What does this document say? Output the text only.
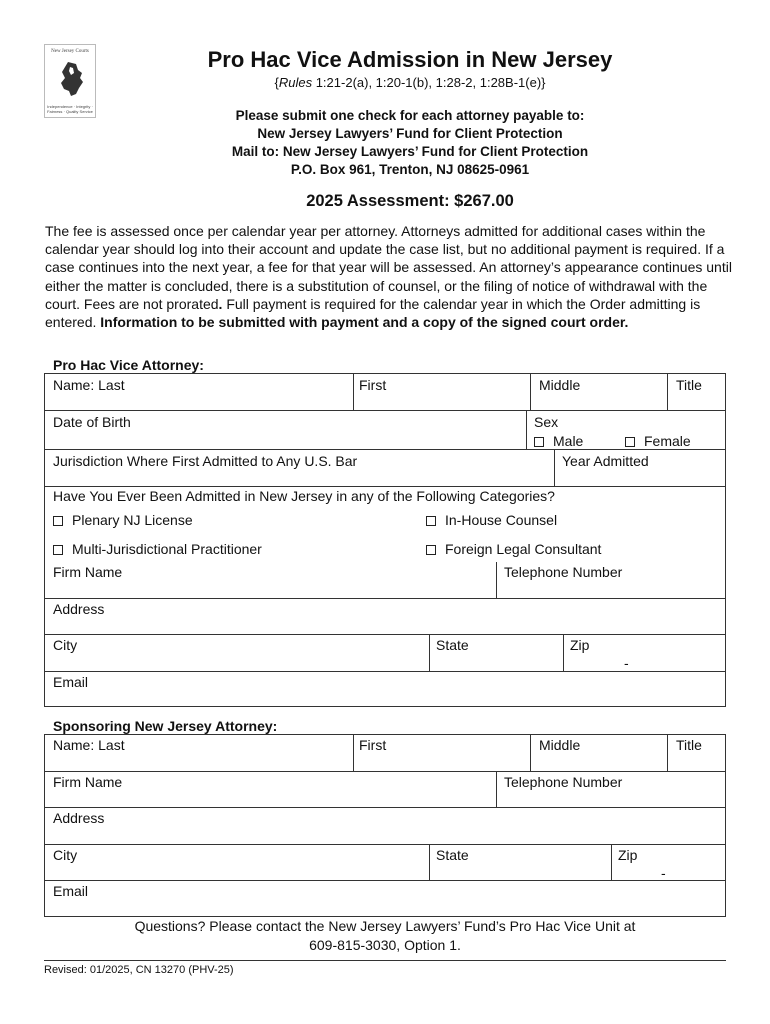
New Jersey Courts
Independence · Integrity · Fairness · Quality Service
Pro Hac Vice Admission in New Jersey
{Rules 1:21-2(a), 1:20-1(b), 1:28-2, 1:28B-1(e)}
Please submit one check for each attorney payable to:
New Jersey Lawyers’ Fund for Client Protection
Mail to: New Jersey Lawyers’ Fund for Client Protection
P.O. Box 961, Trenton, NJ 08625-0961
2025 Assessment: $267.00
The fee is assessed once per calendar year per attorney. Attorneys admitted for additional cases within the calendar year should log into their account and update the case list, but no additional payment is required. If a case continues into the next year, a fee for that year will be assessed. An attorney’s appearance continues until either the matter is concluded, there is a substitution of counsel, or the filing of notice of withdrawal with the court. Fees are not prorated. Full payment is required for the calendar year in which the Order admitting is entered. Information to be submitted with payment and a copy of the signed court order.
Pro Hac Vice Attorney:
Name: Last	First	Middle	Title
Date of Birth	Sex
Male	Female
Jurisdiction Where First Admitted to Any U.S. Bar	Year Admitted
Have You Ever Been Admitted in New Jersey in any of the Following Categories?
Plenary NJ License	In-House Counsel
Multi-Jurisdictional Practitioner	Foreign Legal Consultant
Firm Name	Telephone Number
Address
City	State	Zip
-
Email
Sponsoring New Jersey Attorney:
Name: Last	First	Middle	Title
Firm Name	Telephone Number
Address
City	State	Zip
-
Email
Questions? Please contact the New Jersey Lawyers’ Fund’s Pro Hac Vice Unit at
609-815-3030, Option 1.
Revised: 01/2025, CN 13270 (PHV-25)
